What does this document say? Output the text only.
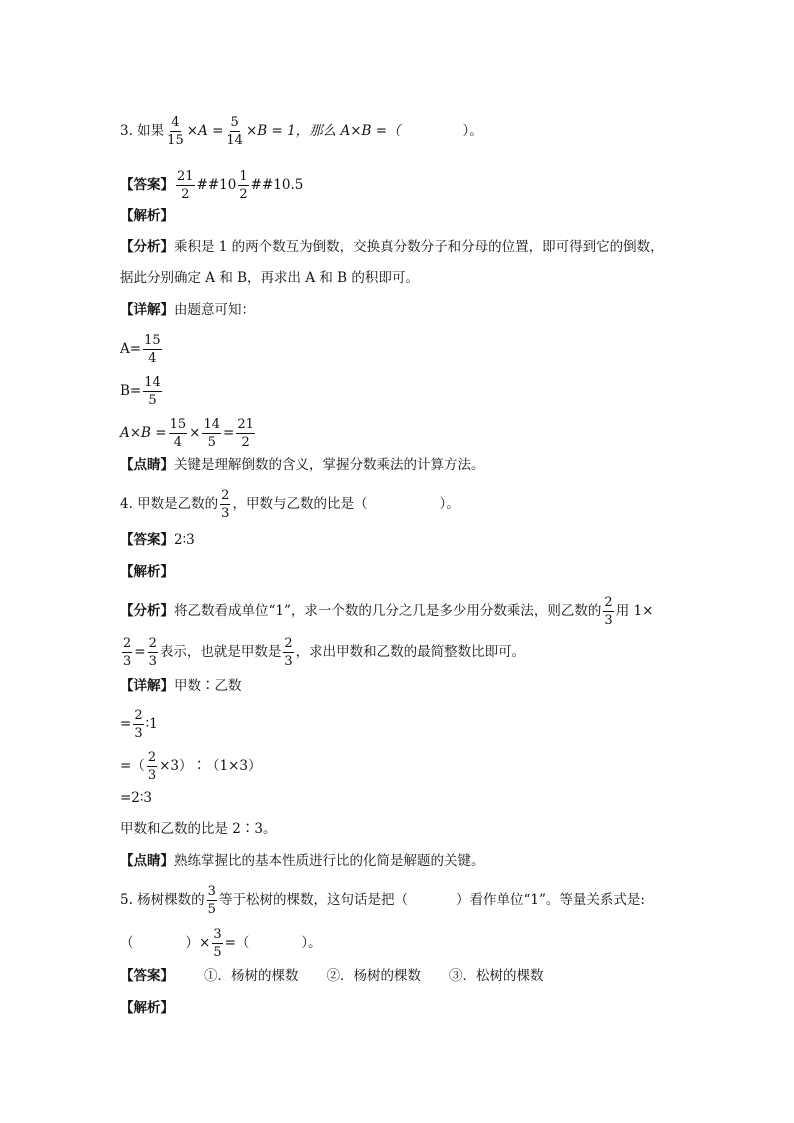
3. 如果 $\frac{4}{15} \times A = \frac{5}{14} \times B = 1$，那么 A×B =（	）。
【答案】 $\frac{21}{2}$ ##10 $\frac{1}{2}$ ##10.5
【解析】
【分析】乘积是 1 的两个数互为倒数，交换真分数分子和分母的位置，即可得到它的倒数，
据此分别确定 A 和 B，再求出 A 和 B 的积即可。
【详解】由题意可知：
$A= \frac{15}{4}$
$B= \frac{14}{5}$
$A\times B = \frac{15}{4} \times \frac{14}{5} = \frac{21}{2}$
【点睛】关键是理解倒数的含义，掌握分数乘法的计算方法。
4. 甲数是乙数的 $\frac{2}{3}$ ，甲数与乙数的比是（	）。
【答案】2∶3
【解析】
【分析】将乙数看成单位“1”，求一个数的几分之几是多少用分数乘法，则乙数的 $\frac{2}{3}$ 用 1×
$\frac{2}{3} = \frac{2}{3}$ 表示，也就是甲数是 $\frac{2}{3}$ ，求出甲数和乙数的最简整数比即可。
【详解】甲数∶乙数
= $\frac{2}{3}$ ∶1
=（ $\frac{2}{3}$ ×3）∶（1×3）
=2∶3
甲数和乙数的比是 2∶3。
【点睛】熟练掌握比的基本性质进行比的化简是解题的关键。
5. 杨树棵数的 $\frac{3}{5}$ 等于松树的棵数，这句话是把（	）看作单位“1”。等量关系式是:
（	）× $\frac{3}{5}$ =（	）。
【答案】 ①．杨树的棵数 ②．杨树的棵数 ③．松树的棵数
【解析】
